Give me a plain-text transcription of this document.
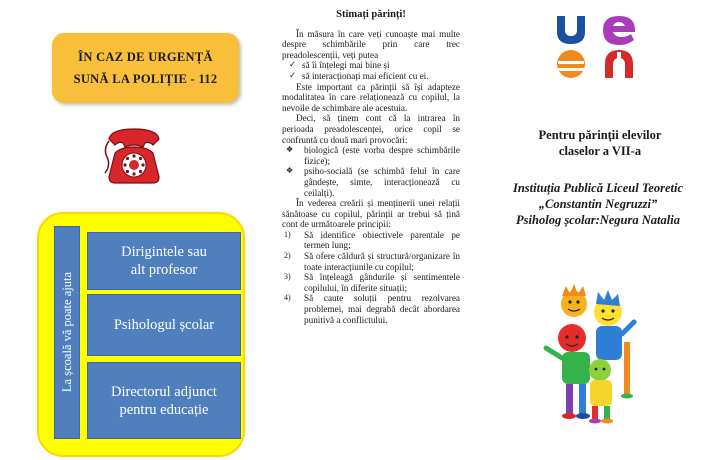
ÎN CAZ DE URGENȚĂ
SUNĂ LA POLIȚIE - 112
La școală vă poate ajuta
Dirigintele sau
alt profesor
Psihologul școlar
Directorul adjunct
pentru educație
Stimați părinți!

În măsura în care veți cunoaște mai multe despre schimbările prin care trec preadolescenții, veți putea

✓ să îi înțelegi mai bine și
✓ să interacționați mai eficient cu ei.

Este important ca părinții să își adapteze modalitatea în care relaționează cu copilul, la nevoile de schimbare ale acestuia.

Deci, să ținem cont că la intrarea în perioada preadolescenței, orice copil se confruntă cu două mari provocări:

❖ biologică (este vorba despre schimbările fizice);
❖ psiho-socială (se schimbă felul în care gândește, simte, interacționează cu ceilalți).

În vederea creării și menținerii unei relații sănătoase cu copilul, părinții ar trebui să țină cont de următoarele principii:

1) Să identifice obiectivele parentale pe termen lung;
2) Să ofere căldură și structură/organizare în toate interacțiunile cu copilul;
3) Să înțeleagă gândurile și sentimentele copilului, în diferite situații;
4) Să caute soluții pentru rezolvarea problemei, mai degrabă decât abordarea punitivă a conflictului.
Pentru părinții elevilor
claselor a VII-a
Instituția Publică Liceul Teoretic
„Constantin Negruzzi”
Psiholog școlar:Negura Natalia
